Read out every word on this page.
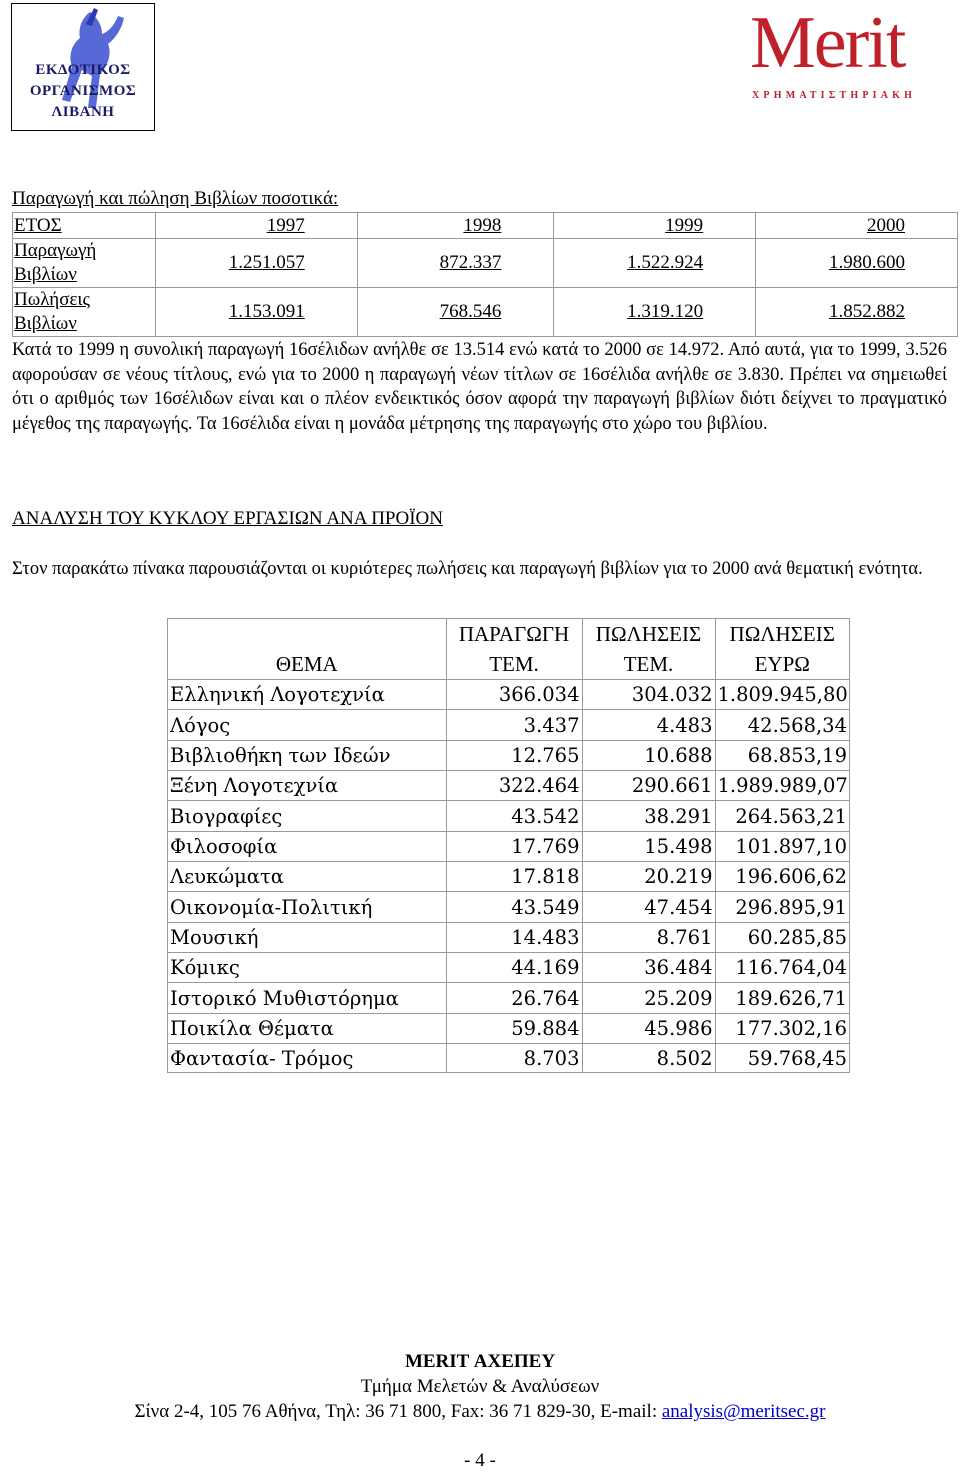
ΕΚΔΟΤΙΚΟΣ
ΟΡΓΑΝΙΣΜΟΣ
ΛΙΒΑΝΗ
Merit
ΧΡΗΜΑΤΙΣΤΗΡΙΑΚΗ
Παραγωγή και πώληση Βιβλίων ποσοτικά:
ΕΤΟΣ	1997	1998	1999	2000
Παραγωγή Βιβλίων	1.251.057	872.337	1.522.924	1.980.600
Πωλήσεις Βιβλίων	1.153.091	768.546	1.319.120	1.852.882
Κατά το 1999 η συνολική παραγωγή 16σέλιδων ανήλθε σε 13.514 ενώ κατά το 2000 σε 14.972. Από αυτά, για το 1999, 3.526 αφορούσαν σε νέους τίτλους, ενώ για το 2000 η παραγωγή νέων τίτλων σε 16σέλιδα ανήλθε σε 3.830. Πρέπει να σημειωθεί ότι ο αριθμός των 16σέλιδων είναι και ο πλέον ενδεικτικός όσον αφορά την παραγωγή βιβλίων διότι δείχνει το πραγματικό μέγεθος της παραγωγής. Τα 16σέλιδα είναι η μονάδα μέτρησης της παραγωγής στο χώρο του βιβλίου.
ΑΝΑΛΥΣΗ ΤΟΥ ΚΥΚΛΟΥ ΕΡΓΑΣΙΩΝ ΑΝΑ ΠΡΟΪΟΝ
Στον παρακάτω πίνακα παρουσιάζονται οι κυριότερες πωλήσεις και παραγωγή βιβλίων για το 2000 ανά θεματική ενότητα.
	ΠΑΡΑΓΩΓΗ	ΠΩΛΗΣΕΙΣ	ΠΩΛΗΣΕΙΣ
ΘΕΜΑ	ΤΕΜ.	ΤΕΜ.	ΕΥΡΩ
Ελληνική Λογοτεχνία	366.034	304.032	1.809.945,80
Λόγος	3.437	4.483	42.568,34
Βιβλιοθήκη των Ιδεών	12.765	10.688	68.853,19
Ξένη Λογοτεχνία	322.464	290.661	1.989.989,07
Βιογραφίες	43.542	38.291	264.563,21
Φιλοσοφία	17.769	15.498	101.897,10
Λευκώματα	17.818	20.219	196.606,62
Οικονομία-Πολιτική	43.549	47.454	296.895,91
Μουσική	14.483	8.761	60.285,85
Κόμικς	44.169	36.484	116.764,04
Ιστορικό Μυθιστόρημα	26.764	25.209	189.626,71
Ποικίλα Θέματα	59.884	45.986	177.302,16
Φαντασία- Τρόμος	8.703	8.502	59.768,45
MERIT ΑΧΕΠΕΥ
Τμήμα Μελετών & Αναλύσεων
Σίνα 2-4, 105 76 Αθήνα, Τηλ: 36 71 800, Fax: 36 71 829-30, E-mail: analysis@meritsec.gr
- 4 -
